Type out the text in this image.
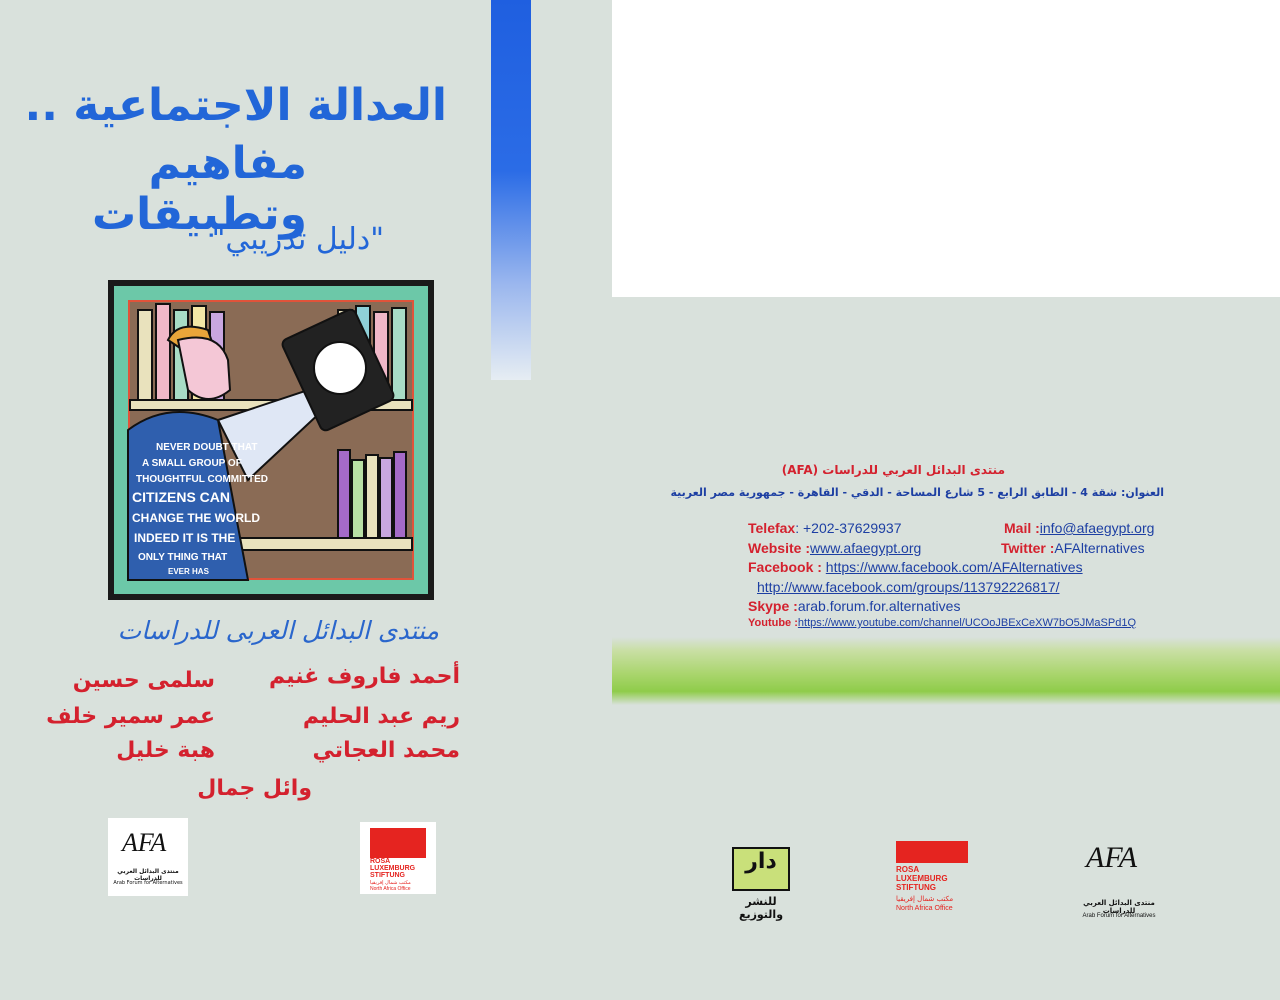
العدالة الاجتماعية ..
مفاهيم وتطبيقات
"دليل تدريبي"
NEVER DOUBT THAT
A SMALL GROUP OF
THOUGHTFUL COMMITTED
CITIZENS CAN
CHANGE THE WORLD
INDEED IT IS THE
ONLY THING THAT
EVER HAS
منتدى البدائل العربى للدراسات
أحمد فاروف غنيم
سلمى حسين
ريم عبد الحليم
عمر سمير خلف
محمد العجاتي
هبة خليل
وائل جمال
AFA
منتدى البدائل العربي للدراسات
Arab Forum for Alternatives
ROSA
LUXEMBURG
STIFTUNG
مكتب شمال إفريقيا
North Africa Office
منتدى البدائل العربي للدراسات (AFA)
العنوان: شقة 4 - الطابق الرابع - 5 شارع المساحة - الدقي - القاهرة - جمهورية مصر العربية
Telefax: +202-37629937	Mail :info@afaegypt.org
Website :www.afaegypt.org	Twitter :AFAlternatives
Facebook : https://www.facebook.com/AFAlternatives
http://www.facebook.com/groups/113792226817/
Skype :arab.forum.for.alternatives
Youtube :https://www.youtube.com/channel/UCOoJBExCeXW7bO5JMaSPd1Q
دار
للنشر والتوزيع
ROSA
LUXEMBURG
STIFTUNG
مكتب شمال إفريقيا
North Africa Office
AFA
منتدى البدائل العربي للدراسات
Arab Forum for Alternatives
